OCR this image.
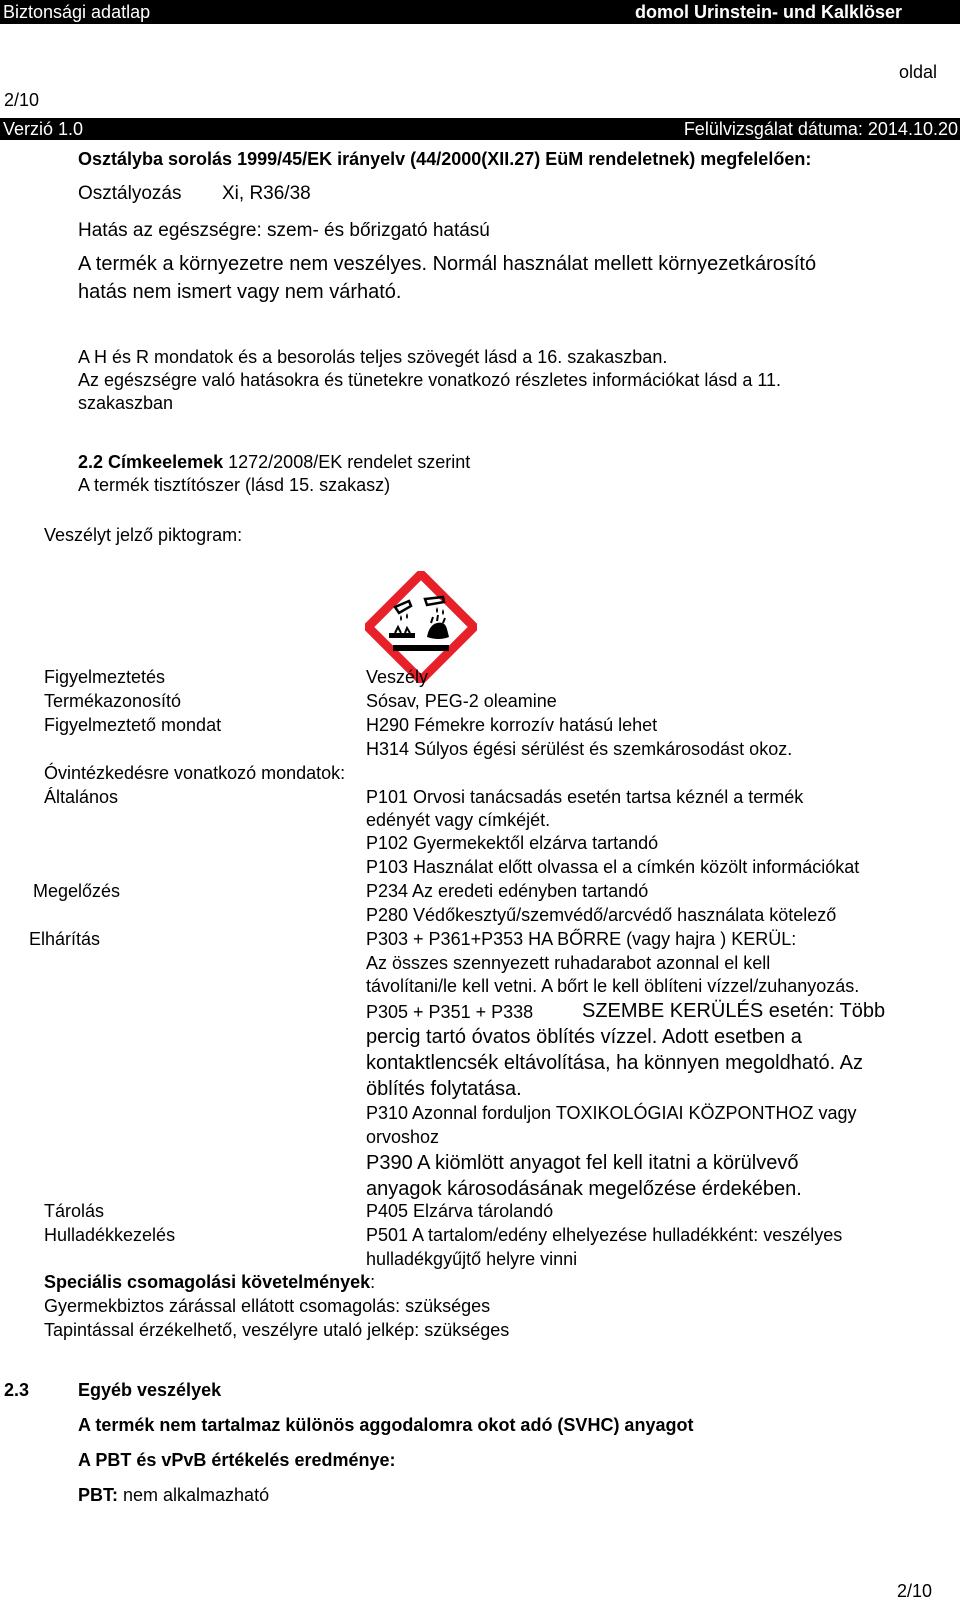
Biztonsági adatlap	domol Urinstein- und Kalklöser
oldal
2/10
Verzió 1.0	Felülvizsgálat dátuma: 2014.10.20
Osztályba sorolás 1999/45/EK irányelv (44/2000(XII.27) EüM rendeletnek) megfelelően:
Osztályozás Xi, R36/38
Hatás az egészségre: szem- és bőrizgató hatású
A termék a környezetre nem veszélyes. Normál használat mellett környezetkárosító
hatás nem ismert vagy nem várható.
A H és R mondatok és a besorolás teljes szövegét lásd a 16. szakaszban.
Az egészségre való hatásokra és tünetekre vonatkozó részletes információkat lásd a 11.
szakaszban
2.2 Címkeelemek 1272/2008/EK rendelet szerint
A termék tisztítószer (lásd 15. szakasz)
Veszélyt jelző piktogram:
Figyelmeztetés	Veszély
Termékazonosító	Sósav, PEG-2 oleamine
Figyelmeztető mondat	H290 Fémekre korrozív hatású lehet
H314 Súlyos égési sérülést és szemkárosodást okoz.
Óvintézkedésre vonatkozó mondatok:
Általános	P101 Orvosi tanácsadás esetén tartsa kéznél a termék
edényét vagy címkéjét.
P102 Gyermekektől elzárva tartandó
P103 Használat előtt olvassa el a címkén közölt információkat
Megelőzés	P234 Az eredeti edényben tartandó
P280 Védőkesztyű/szemvédő/arcvédő használata kötelező
Elhárítás	P303 + P361+P353 HA BŐRRE (vagy hajra ) KERÜL:
Az összes szennyezett ruhadarabot azonnal el kell
távolítani/le kell vetni. A bőrt le kell öblíteni vízzel/zuhanyozás.
P305 + P351 + P338 SZEMBE KERÜLÉS esetén: Több
percig tartó óvatos öblítés vízzel. Adott esetben a
kontaktlencsék eltávolítása, ha könnyen megoldható. Az
öblítés folytatása.
P310 Azonnal forduljon TOXIKOLÓGIAI KÖZPONTHOZ vagy
orvoshoz
P390 A kiömlött anyagot fel kell itatni a körülvevő
anyagok károsodásának megelőzése érdekében.
Tárolás	P405 Elzárva tárolandó
Hulladékkezelés	P501 A tartalom/edény elhelyezése hulladékként: veszélyes
hulladékgyűjtő helyre vinni
Speciális csomagolási követelmények:
Gyermekbiztos zárással ellátott csomagolás: szükséges
Tapintással érzékelhető, veszélyre utaló jelkép: szükséges
2.3	Egyéb veszélyek
A termék nem tartalmaz különös aggodalomra okot adó (SVHC) anyagot
A PBT és vPvB értékelés eredménye:
PBT: nem alkalmazható
2/10
